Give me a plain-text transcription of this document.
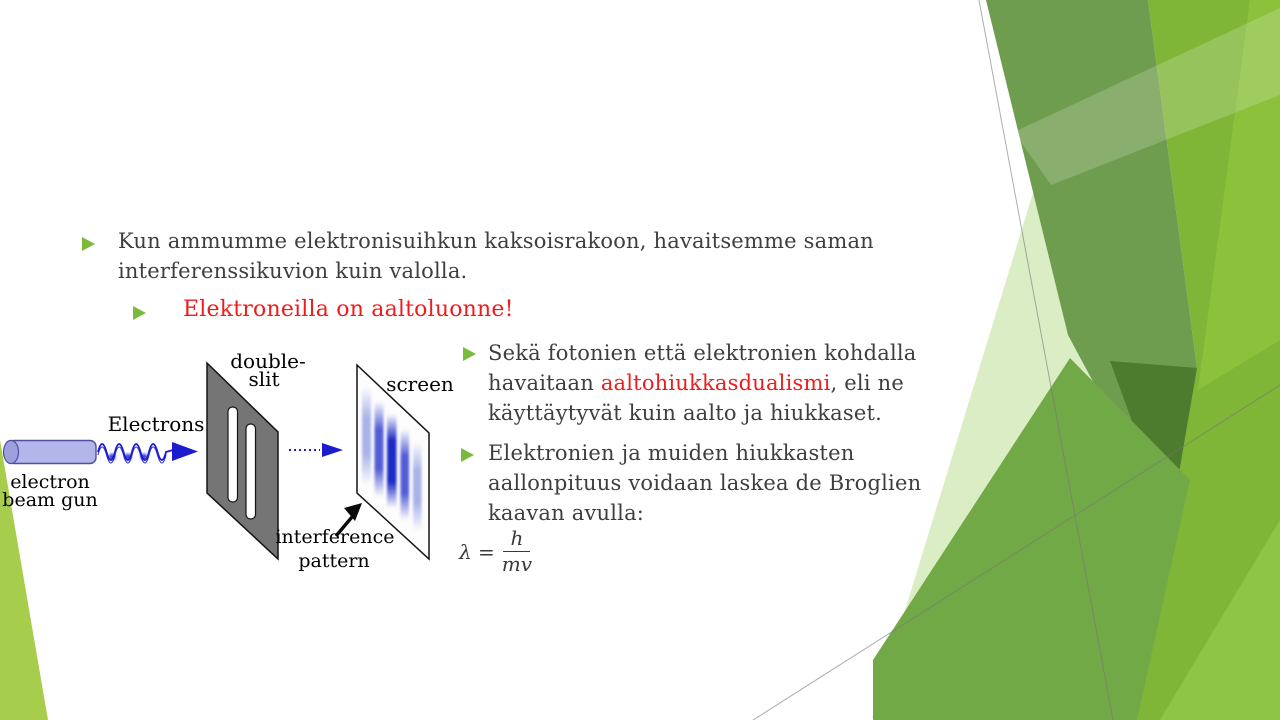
Kun ammumme elektronisuihkun kaksoisrakoon, havaitsemme saman
interferenssikuvion kuin valolla.
Elektroneilla on aaltoluonne!
Sekä fotonien että elektronien kohdalla
havaitaan aaltohiukkasdualismi, eli ne
käyttäytyvät kuin aalto ja hiukkaset.
Elektronien ja muiden hiukkasten
aallonpituus voidaan laskea de Broglien
kaavan avulla:
$\lambda = \frac{h}{mv}$
Electrons
electron
beam gun
double-
slit	screen
interference
pattern
